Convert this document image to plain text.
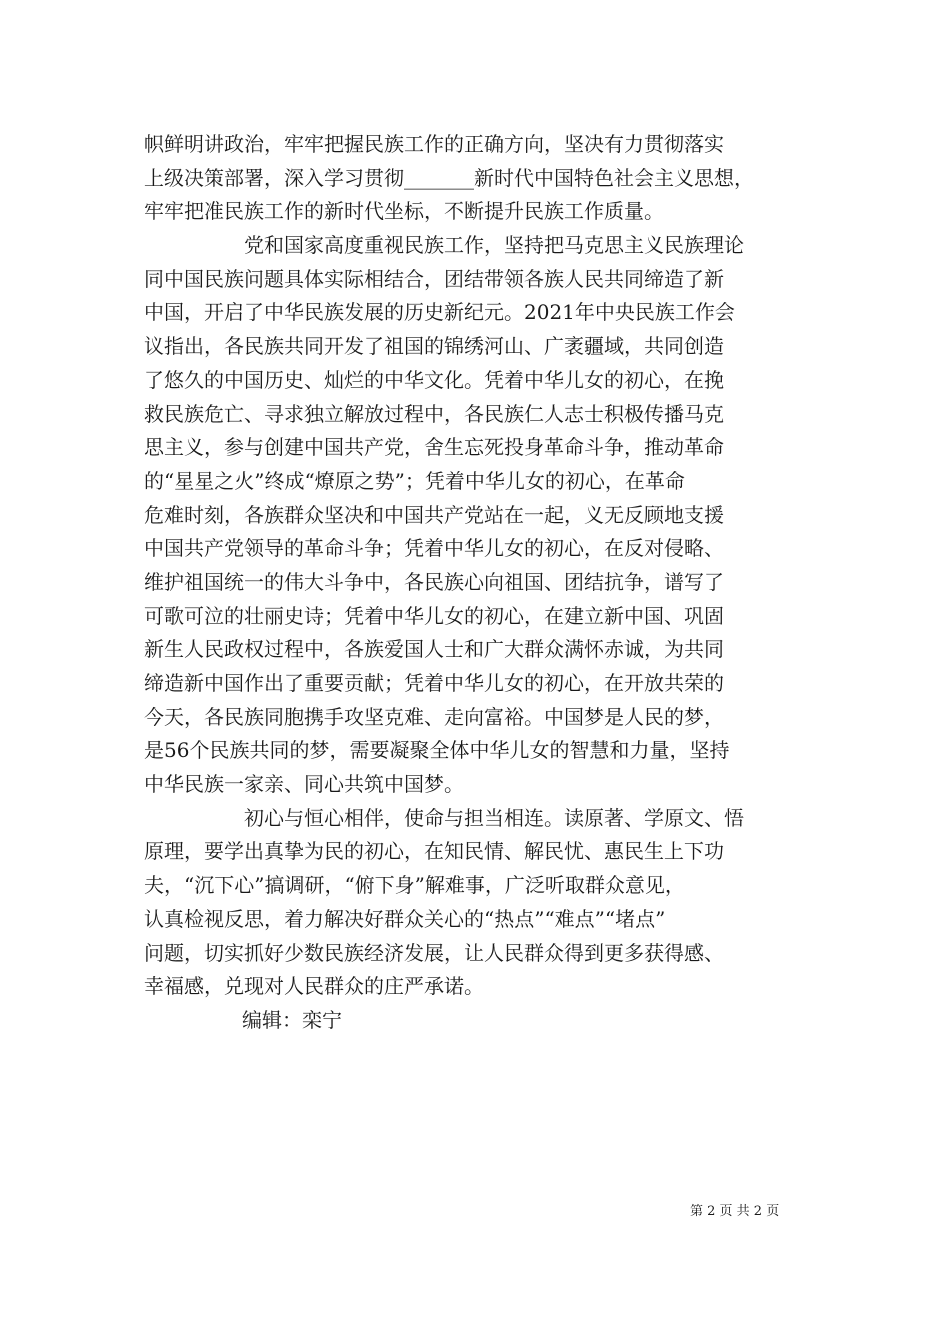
帜鲜明讲政治，牢牢把握民族工作的正确方向，坚决有力贯彻落实
上级决策部署，深入学习贯彻_______新时代中国特色社会主义思想，
牢牢把准民族工作的新时代坐标，不断提升民族工作质量。
党和国家高度重视民族工作，坚持把马克思主义民族理论
同中国民族问题具体实际相结合，团结带领各族人民共同缔造了新
中国，开启了中华民族发展的历史新纪元。2021年中央民族工作会
议指出，各民族共同开发了祖国的锦绣河山、广袤疆域，共同创造
了悠久的中国历史、灿烂的中华文化。凭着中华儿女的初心，在挽
救民族危亡、寻求独立解放过程中，各民族仁人志士积极传播马克
思主义，参与创建中国共产党，舍生忘死投身革命斗争，推动革命
的“星星之火”终成“燎原之势”；凭着中华儿女的初心，在革命
危难时刻，各族群众坚决和中国共产党站在一起，义无反顾地支援
中国共产党领导的革命斗争；凭着中华儿女的初心，在反对侵略、
维护祖国统一的伟大斗争中，各民族心向祖国、团结抗争，谱写了
可歌可泣的壮丽史诗；凭着中华儿女的初心，在建立新中国、巩固
新生人民政权过程中，各族爱国人士和广大群众满怀赤诚，为共同
缔造新中国作出了重要贡献；凭着中华儿女的初心，在开放共荣的
今天，各民族同胞携手攻坚克难、走向富裕。中国梦是人民的梦，
是56个民族共同的梦，需要凝聚全体中华儿女的智慧和力量，坚持
中华民族一家亲、同心共筑中国梦。
初心与恒心相伴，使命与担当相连。读原著、学原文、悟
原理，要学出真挚为民的初心，在知民情、解民忧、惠民生上下功
夫，“沉下心”搞调研，“俯下身”解难事，广泛听取群众意见，
认真检视反思，着力解决好群众关心的“热点”“难点”“堵点”
问题，切实抓好少数民族经济发展，让人民群众得到更多获得感、
幸福感，兑现对人民群众的庄严承诺。
编辑：栾宁
第 2 页 共 2 页
